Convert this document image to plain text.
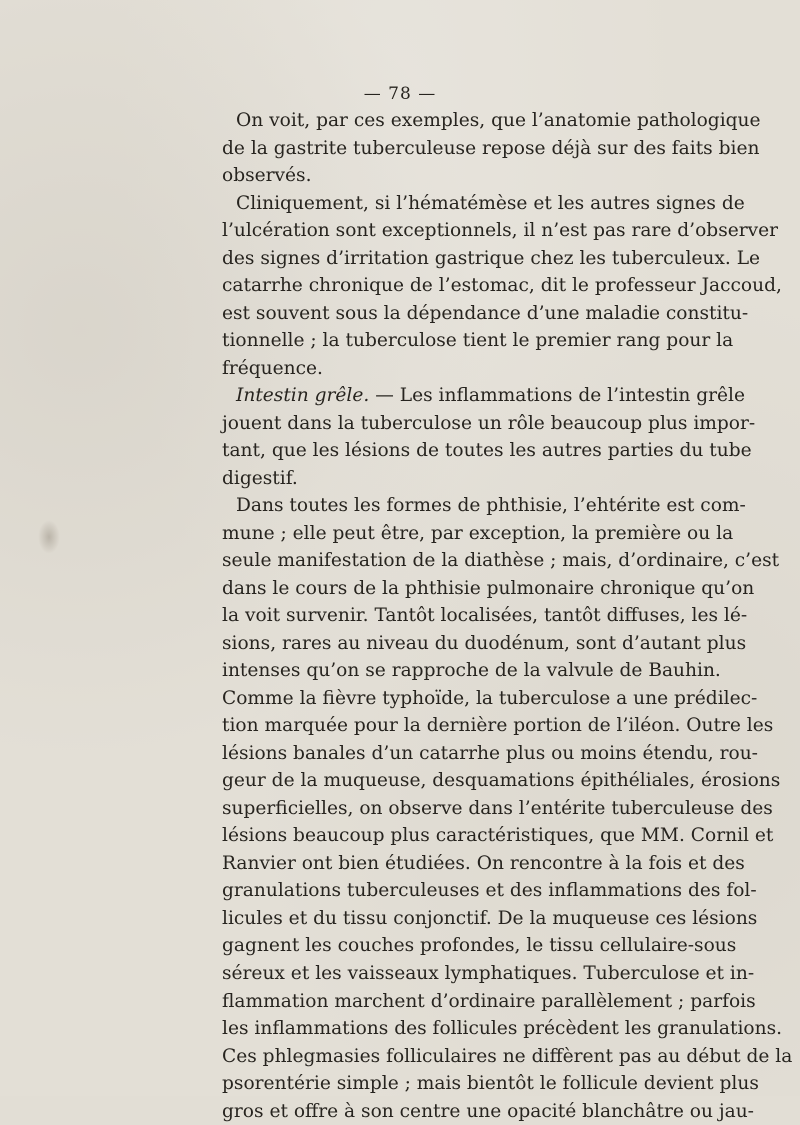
— 78 —
On voit, par ces exemples, que l’anatomie pathologique
de la gastrite tuberculeuse repose déjà sur des faits bien
observés.
Cliniquement, si l’hématémèse et les autres signes de
l’ulcération sont exceptionnels, il n’est pas rare d’observer
des signes d’irritation gastrique chez les tuberculeux. Le
catarrhe chronique de l’estomac, dit le professeur Jaccoud,
est souvent sous la dépendance d’une maladie constitu-
tionnelle ; la tuberculose tient le premier rang pour la
fréquence.
Intestin grêle. — Les inflammations de l’intestin grêle
jouent dans la tuberculose un rôle beaucoup plus impor-
tant, que les lésions de toutes les autres parties du tube
digestif.
Dans toutes les formes de phthisie, l’ehtérite est com-
mune ; elle peut être, par exception, la première ou la
seule manifestation de la diathèse ; mais, d’ordinaire, c’est
dans le cours de la phthisie pulmonaire chronique qu’on
la voit survenir. Tantôt localisées, tantôt diffuses, les lé-
sions, rares au niveau du duodénum, sont d’autant plus
intenses qu’on se rapproche de la valvule de Bauhin.
Comme la fièvre typhoïde, la tuberculose a une prédilec-
tion marquée pour la dernière portion de l’iléon. Outre les
lésions banales d’un catarrhe plus ou moins étendu, rou-
geur de la muqueuse, desquamations épithéliales, érosions
superficielles, on observe dans l’entérite tuberculeuse des
lésions beaucoup plus caractéristiques, que MM. Cornil et
Ranvier ont bien étudiées. On rencontre à la fois et des
granulations tuberculeuses et des inflammations des fol-
licules et du tissu conjonctif. De la muqueuse ces lésions
gagnent les couches profondes, le tissu cellulaire-sous
séreux et les vaisseaux lymphatiques. Tuberculose et in-
flammation marchent d’ordinaire parallèlement ; parfois
les inflammations des follicules précèdent les granulations.
Ces phlegmasies folliculaires ne diffèrent pas au début de la
psorentérie simple ; mais bientôt le follicule devient plus
gros et offre à son centre une opacité blanchâtre ou jau-
